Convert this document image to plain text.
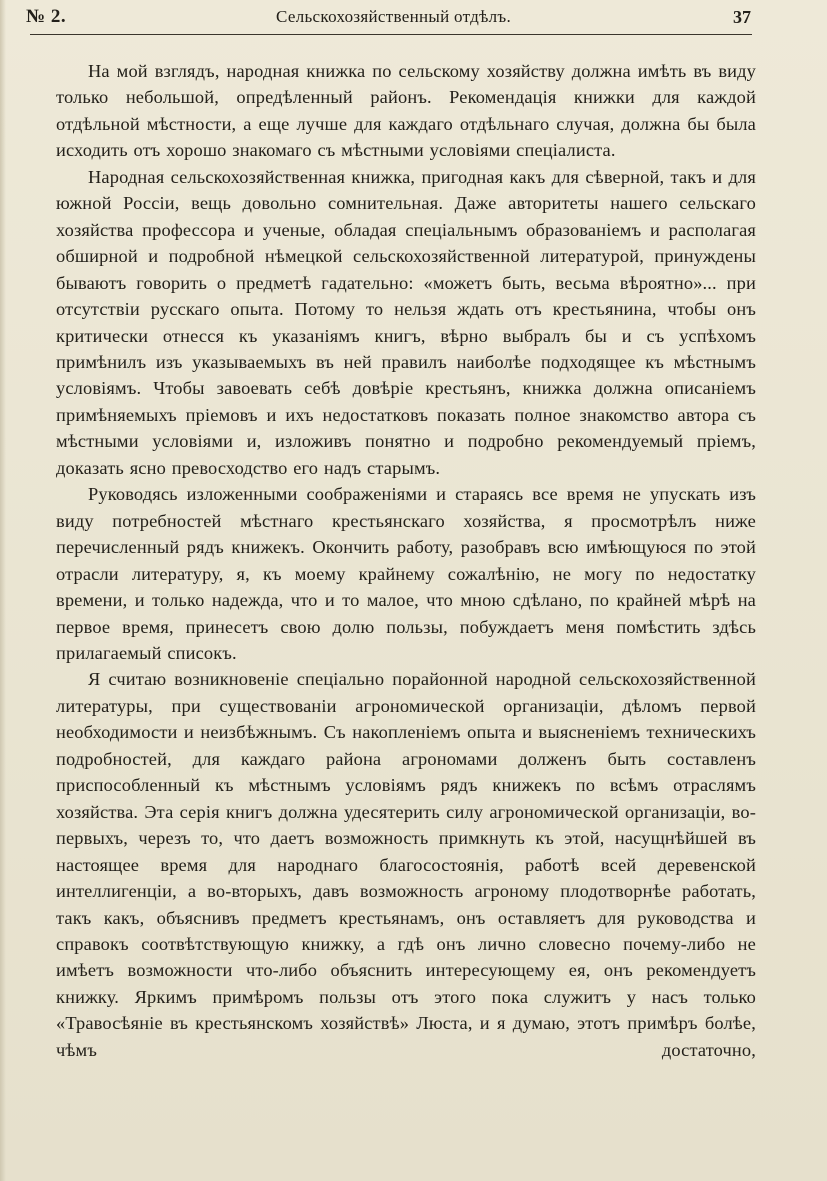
№ 2.	Сельскохозяйственный отдѣлъ.	37

На мой взглядъ, народная книжка по сельскому хозяйству должна имѣть въ виду только небольшой, опредѣленный районъ. Рекомендація книжки для каждой отдѣльной мѣстности, а еще лучше для каждаго отдѣльнаго случая, должна бы была исходить отъ хорошо знакомаго съ мѣстными условіями спеціалиста.

Народная сельскохозяйственная книжка, пригодная какъ для сѣверной, такъ и для южной Россіи, вещь довольно сомнительная. Даже авторитеты нашего сельскаго хозяйства профессора и ученые, обладая спеціальнымъ образованіемъ и располагая обширной и подробной нѣмецкой сельскохозяйственной литературой, принуждены бываютъ говорить о предметѣ гадательно: «можетъ быть, весьма вѣроятно»... при отсутствіи русскаго опыта. Потому то нельзя ждать отъ крестьянина, чтобы онъ критически отнесся къ указаніямъ книгъ, вѣрно выбралъ бы и съ успѣхомъ примѣнилъ изъ указываемыхъ въ ней правилъ наиболѣе подходящее къ мѣстнымъ условіямъ. Чтобы завоевать себѣ довѣріе крестьянъ, книжка должна описаніемъ примѣняемыхъ пріемовъ и ихъ недостатковъ показать полное знакомство автора съ мѣстными условіями и, изложивъ понятно и подробно рекомендуемый пріемъ, доказать ясно превосходство его надъ старымъ.

Руководясь изложенными соображеніями и стараясь все время не упускать изъ виду потребностей мѣстнаго крестьянскаго хозяйства, я просмотрѣлъ ниже перечисленный рядъ книжекъ. Окончить работу, разобравъ всю имѣющуюся по этой отрасли литературу, я, къ моему крайнему сожалѣнію, не могу по недостатку времени, и только надежда, что и то малое, что мною сдѣлано, по крайней мѣрѣ на первое время, принесетъ свою долю пользы, побуждаетъ меня помѣстить здѣсь прилагаемый списокъ.

Я считаю возникновеніе спеціально порайонной народной сельскохозяйственной литературы, при существованіи агрономической организаціи, дѣломъ первой необходимости и неизбѣжнымъ. Съ накопленіемъ опыта и выясненіемъ техническихъ подробностей, для каждаго района агрономами долженъ быть составленъ приспособленный къ мѣстнымъ условіямъ рядъ книжекъ по всѣмъ отраслямъ хозяйства. Эта серія книгъ должна удесятерить силу агрономической организаціи, во-первыхъ, черезъ то, что даетъ возможность примкнуть къ этой, насущнѣйшей въ настоящее время для народнаго благосостоянія, работѣ всей деревенской интеллигенціи, а во-вторыхъ, давъ возможность агроному плодотворнѣе работать, такъ какъ, объяснивъ предметъ крестьянамъ, онъ оставляетъ для руководства и справокъ соотвѣтствующую книжку, а гдѣ онъ лично словесно почему-либо не имѣетъ возможности что-либо объяснить интересующему ея, онъ рекомендуетъ книжку. Яркимъ примѣромъ пользы отъ этого пока служитъ у насъ только «Травосѣяніе въ крестьянскомъ хозяйствѣ» Люста, и я думаю, этотъ примѣръ болѣе, чѣмъ достаточно,
